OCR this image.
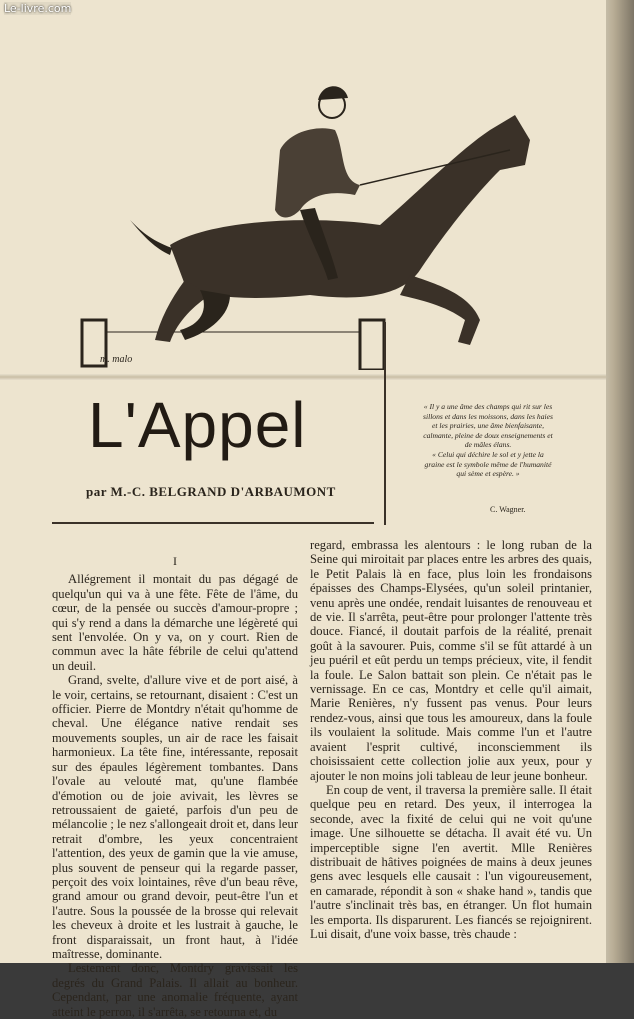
Le-livre.com
m. malo
L'Appel
par M.-C. BELGRAND D'ARBAUMONT

« Il y a une âme des champs qui rit sur les sillons et dans les moissons, dans les haies et les prairies, une âme bienfaisante, calmante, pleine de doux enseignements et de mâles élans.

« Celui qui déchire le sol et y jette la graine est le symbole même de l'humanité qui sème et espère. »

C. Wagner.
I

Allégrement il montait du pas dégagé de quelqu'un qui va à une fête. Fête de l'âme, du cœur, de la pensée ou succès d'amour-propre ; qui s'y rend a dans la démarche une légèreté qui sent l'envolée. On y va, on y court. Rien de commun avec la hâte fébrile de celui qu'attend un deuil.

Grand, svelte, d'allure vive et de port aisé, à le voir, certains, se retournant, disaient : C'est un officier. Pierre de Montdry n'était qu'homme de cheval. Une élégance native rendait ses mouvements souples, un air de race les faisait harmonieux. La tête fine, intéressante, reposait sur des épaules légèrement tombantes. Dans l'ovale au velouté mat, qu'une flambée d'émotion ou de joie avivait, les lèvres se retroussaient de gaieté, parfois d'un peu de mélancolie ; le nez s'allongeait droit et, dans leur retrait d'ombre, les yeux concentraient l'attention, des yeux de gamin que la vie amuse, plus souvent de penseur qui la regarde passer, perçoit des voix lointaines, rêve d'un beau rêve, grand amour ou grand devoir, peut-être l'un et l'autre. Sous la poussée de la brosse qui relevait les cheveux à droite et les lustrait à gauche, le front disparaissait, un front haut, à l'idée maîtresse, dominante.

Lestement donc, Montdry gravissait les degrés du Grand Palais. Il allait au bonheur. Cependant, par une anomalie fréquente, ayant atteint le perron, il s'arrêta, se retourna et, du

regard, embrassa les alentours : le long ruban de la Seine qui miroitait par places entre les arbres des quais, le Petit Palais là en face, plus loin les frondaisons épaisses des Champs-Elysées, qu'un soleil printanier, venu après une ondée, rendait luisantes de renouveau et de vie. Il s'arrêta, peut-être pour prolonger l'attente très douce. Fiancé, il doutait parfois de la réalité, prenait goût à la savourer. Puis, comme s'il se fût attardé à un jeu puéril et eût perdu un temps précieux, vite, il fendit la foule. Le Salon battait son plein. Ce n'était pas le vernissage. En ce cas, Montdry et celle qu'il aimait, Marie Renières, n'y fussent pas venus. Pour leurs rendez-vous, ainsi que tous les amoureux, dans la foule ils voulaient la solitude. Mais comme l'un et l'autre avaient l'esprit cultivé, inconsciemment ils choisissaient cette collection jolie aux yeux, pour y ajouter le non moins joli tableau de leur jeune bonheur.

En coup de vent, il traversa la première salle. Il était quelque peu en retard. Des yeux, il interrogea la seconde, avec la fixité de celui qui ne voit qu'une image. Une silhouette se détacha. Il avait été vu. Un imperceptible signe l'en avertit. Mlle Renières distribuait de hâtives poignées de mains à deux jeunes gens avec lesquels elle causait : l'un vigoureusement, en camarade, répondit à son « shake hand », tandis que l'autre s'inclinait très bas, en étranger. Un flot humain les emporta. Ils disparurent. Les fiancés se rejoignirent. Lui disait, d'une voix basse, très chaude :
